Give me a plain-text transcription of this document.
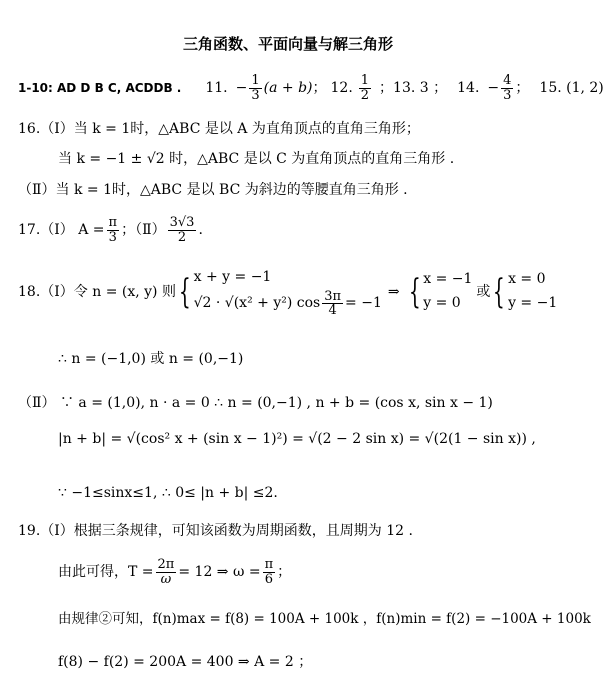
三角函数、平面向量与解三角形
1-10: AD D B C, ACDDB . 11. − $\frac{1}{3} (a + b)$ ； 12. $\frac{1}{2}$ ；13. 3 ； 14. − $\frac{4}{3}$ ； 15. (1, 2)
16.（Ⅰ）当 k = 1时，△ABC 是以 A 为直角顶点的直角三角形；
当 k = −1 ± √2 时，△ABC 是以 C 为直角顶点的直角三角形 .
（Ⅱ）当 k = 1时，△ABC 是以 BC 为斜边的等腰直角三角形 .
17.（Ⅰ） $A = \frac{\pi}{3}$ ；（Ⅱ） $\frac{3√3}{2}$ .
18.（Ⅰ）令 n = (x, y) 则 { x + y = −1
√2 · √(x² + y²) $\cos \frac{3\pi}{4} = -1$
⇒ { x = −1
y = 0
或 { x = 0
y = −1
∴ n = (−1,0) 或 n = (0,−1)
（Ⅱ） ∵ a = (1,0), n · a = 0 ∴ n = (0,−1) , n + b = (cos x, sin x − 1)
|n + b| = √(cos² x + (sin x − 1)²) = √(2 − 2 sin x) = √(2(1 − sin x)) ,
∵ −1≤sinx≤1, ∴ 0≤ |n + b| ≤2.
19.（Ⅰ）根据三条规律，可知该函数为周期函数，且周期为 12 .
由此可得，$T = \frac{2\pi}{\omega} = 12$ ⇒ $\omega = \frac{\pi}{6}$ ；
由规律②可知，f(n)max = f(8) = 100A + 100k ，f(n)min = f(2) = −100A + 100k
f(8) − f(2) = 200A = 400 ⇒ A = 2 ；
